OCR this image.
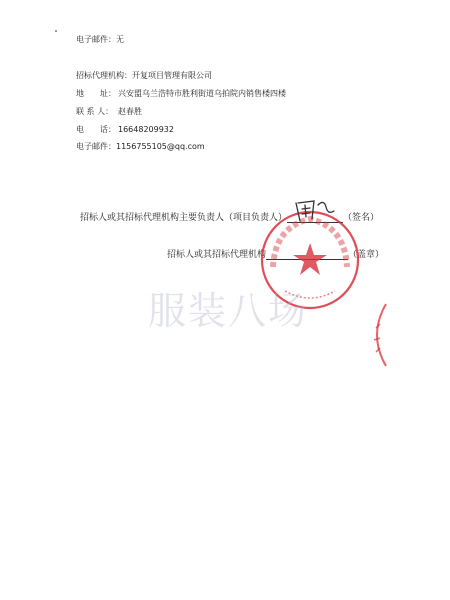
电子邮件：无
招标代理机构：开复项目管理有限公司
地　　址： 兴安盟乌兰浩特市胜利街道乌拍院内销售楼四楼
联 系 人： 赵春胜
电　　话： 16648209932
电子邮件：1156755105@qq.com
招标人或其招标代理机构主要负责人（项目负责人）	（签名）
招标人或其招标代理机构	（盖章）
服装八场
